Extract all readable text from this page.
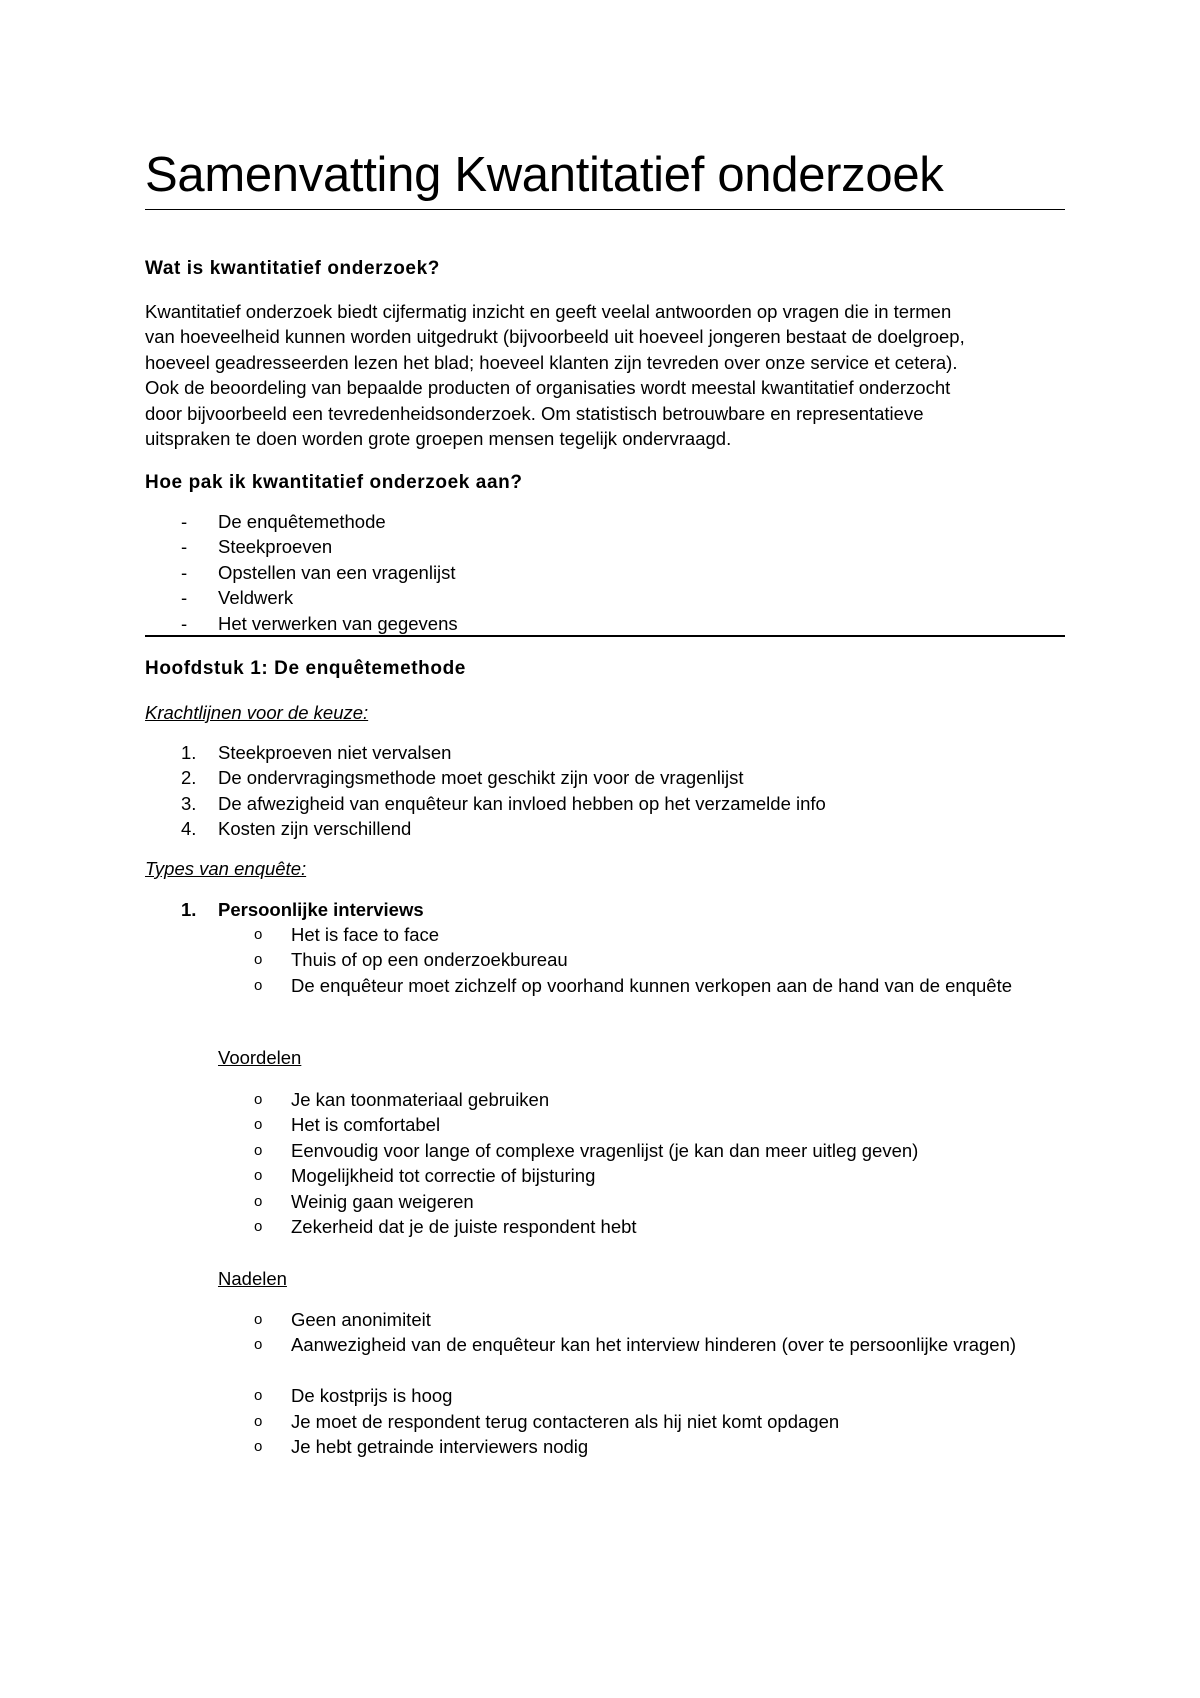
Samenvatting Kwantitatief onderzoek
Wat is kwantitatief onderzoek?
Kwantitatief onderzoek biedt cijfermatig inzicht en geeft veelal antwoorden op vragen die in termen
van hoeveelheid kunnen worden uitgedrukt (bijvoorbeeld uit hoeveel jongeren bestaat de doelgroep,
hoeveel geadresseerden lezen het blad; hoeveel klanten zijn tevreden over onze service et cetera).
Ook de beoordeling van bepaalde producten of organisaties wordt meestal kwantitatief onderzocht
door bijvoorbeeld een tevredenheidsonderzoek. Om statistisch betrouwbare en representatieve
uitspraken te doen worden grote groepen mensen tegelijk ondervraagd.
Hoe pak ik kwantitatief onderzoek aan?
- De enquêtemethode
- Steekproeven
- Opstellen van een vragenlijst
- Veldwerk
- Het verwerken van gegevens
Hoofdstuk 1: De enquêtemethode

Krachtlijnen voor de keuze:

1. Steekproeven niet vervalsen
2. De ondervragingsmethode moet geschikt zijn voor de vragenlijst
3. De afwezigheid van enquêteur kan invloed hebben op het verzamelde info
4. Kosten zijn verschillend

Types van enquête:

1. Persoonlijke interviews
o Het is face to face
o Thuis of op een onderzoekbureau
o De enquêteur moet zichzelf op voorhand kunnen verkopen aan de hand van de enquête

Voordelen

o Je kan toonmateriaal gebruiken
o Het is comfortabel
o Eenvoudig voor lange of complexe vragenlijst (je kan dan meer uitleg geven)
o Mogelijkheid tot correctie of bijsturing
o Weinig gaan weigeren
o Zekerheid dat je de juiste respondent hebt

Nadelen

o Geen anonimiteit
o Aanwezigheid van de enquêteur kan het interview hinderen (over te persoonlijke vragen)
o De kostprijs is hoog
o Je moet de respondent terug contacteren als hij niet komt opdagen
o Je hebt getrainde interviewers nodig
